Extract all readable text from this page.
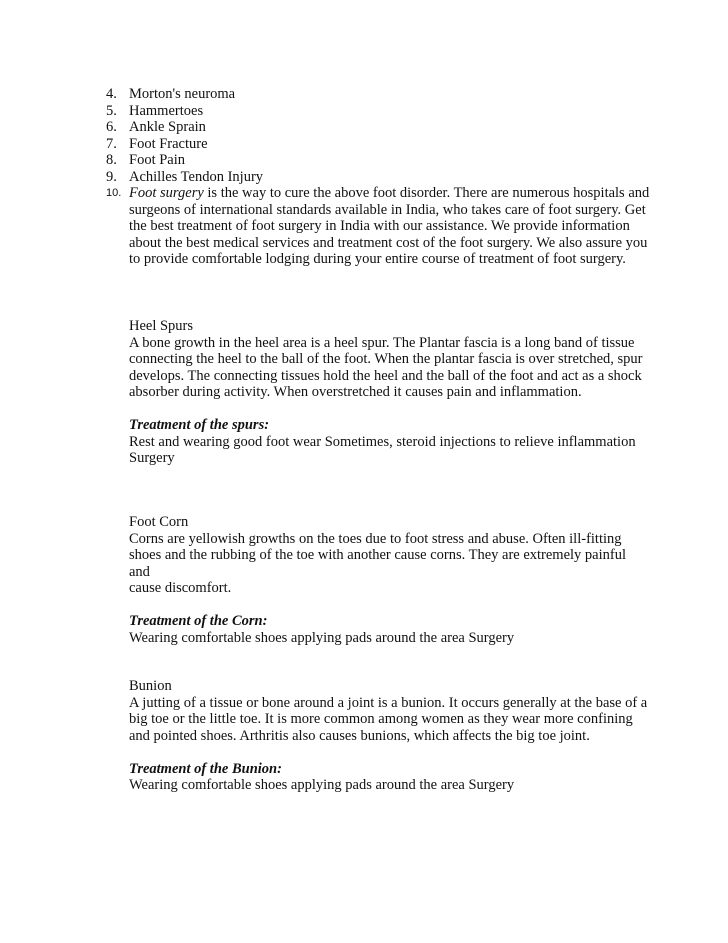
4. Morton's neuroma
5. Hammertoes
6. Ankle Sprain
7. Foot Fracture
8. Foot Pain
9. Achilles Tendon Injury
10. Foot surgery is the way to cure the above foot disorder. There are numerous hospitals and
surgeons of international standards available in India, who takes care of foot surgery. Get
the best treatment of foot surgery in India with our assistance. We provide information
about the best medical services and treatment cost of the foot surgery. We also assure you
to provide comfortable lodging during your entire course of treatment of foot surgery.

Heel Spurs

A bone growth in the heel area is a heel spur. The Plantar fascia is a long band of tissue

connecting the heel to the ball of the foot. When the plantar fascia is over stretched, spur

develops. The connecting tissues hold the heel and the ball of the foot and act as a shock

absorber during activity. When overstretched it causes pain and inflammation.

Treatment of the spurs:

Rest and wearing good foot wear Sometimes, steroid injections to relieve inflammation

Surgery

Foot Corn

Corns are yellowish growths on the toes due to foot stress and abuse. Often ill-fitting

shoes and the rubbing of the toe with another cause corns. They are extremely painful and

cause discomfort.

Treatment of the Corn:

Wearing comfortable shoes applying pads around the area Surgery

Bunion

A jutting of a tissue or bone around a joint is a bunion. It occurs generally at the base of a

big toe or the little toe. It is more common among women as they wear more confining

and pointed shoes. Arthritis also causes bunions, which affects the big toe joint.

Treatment of the Bunion:

Wearing comfortable shoes applying pads around the area Surgery
